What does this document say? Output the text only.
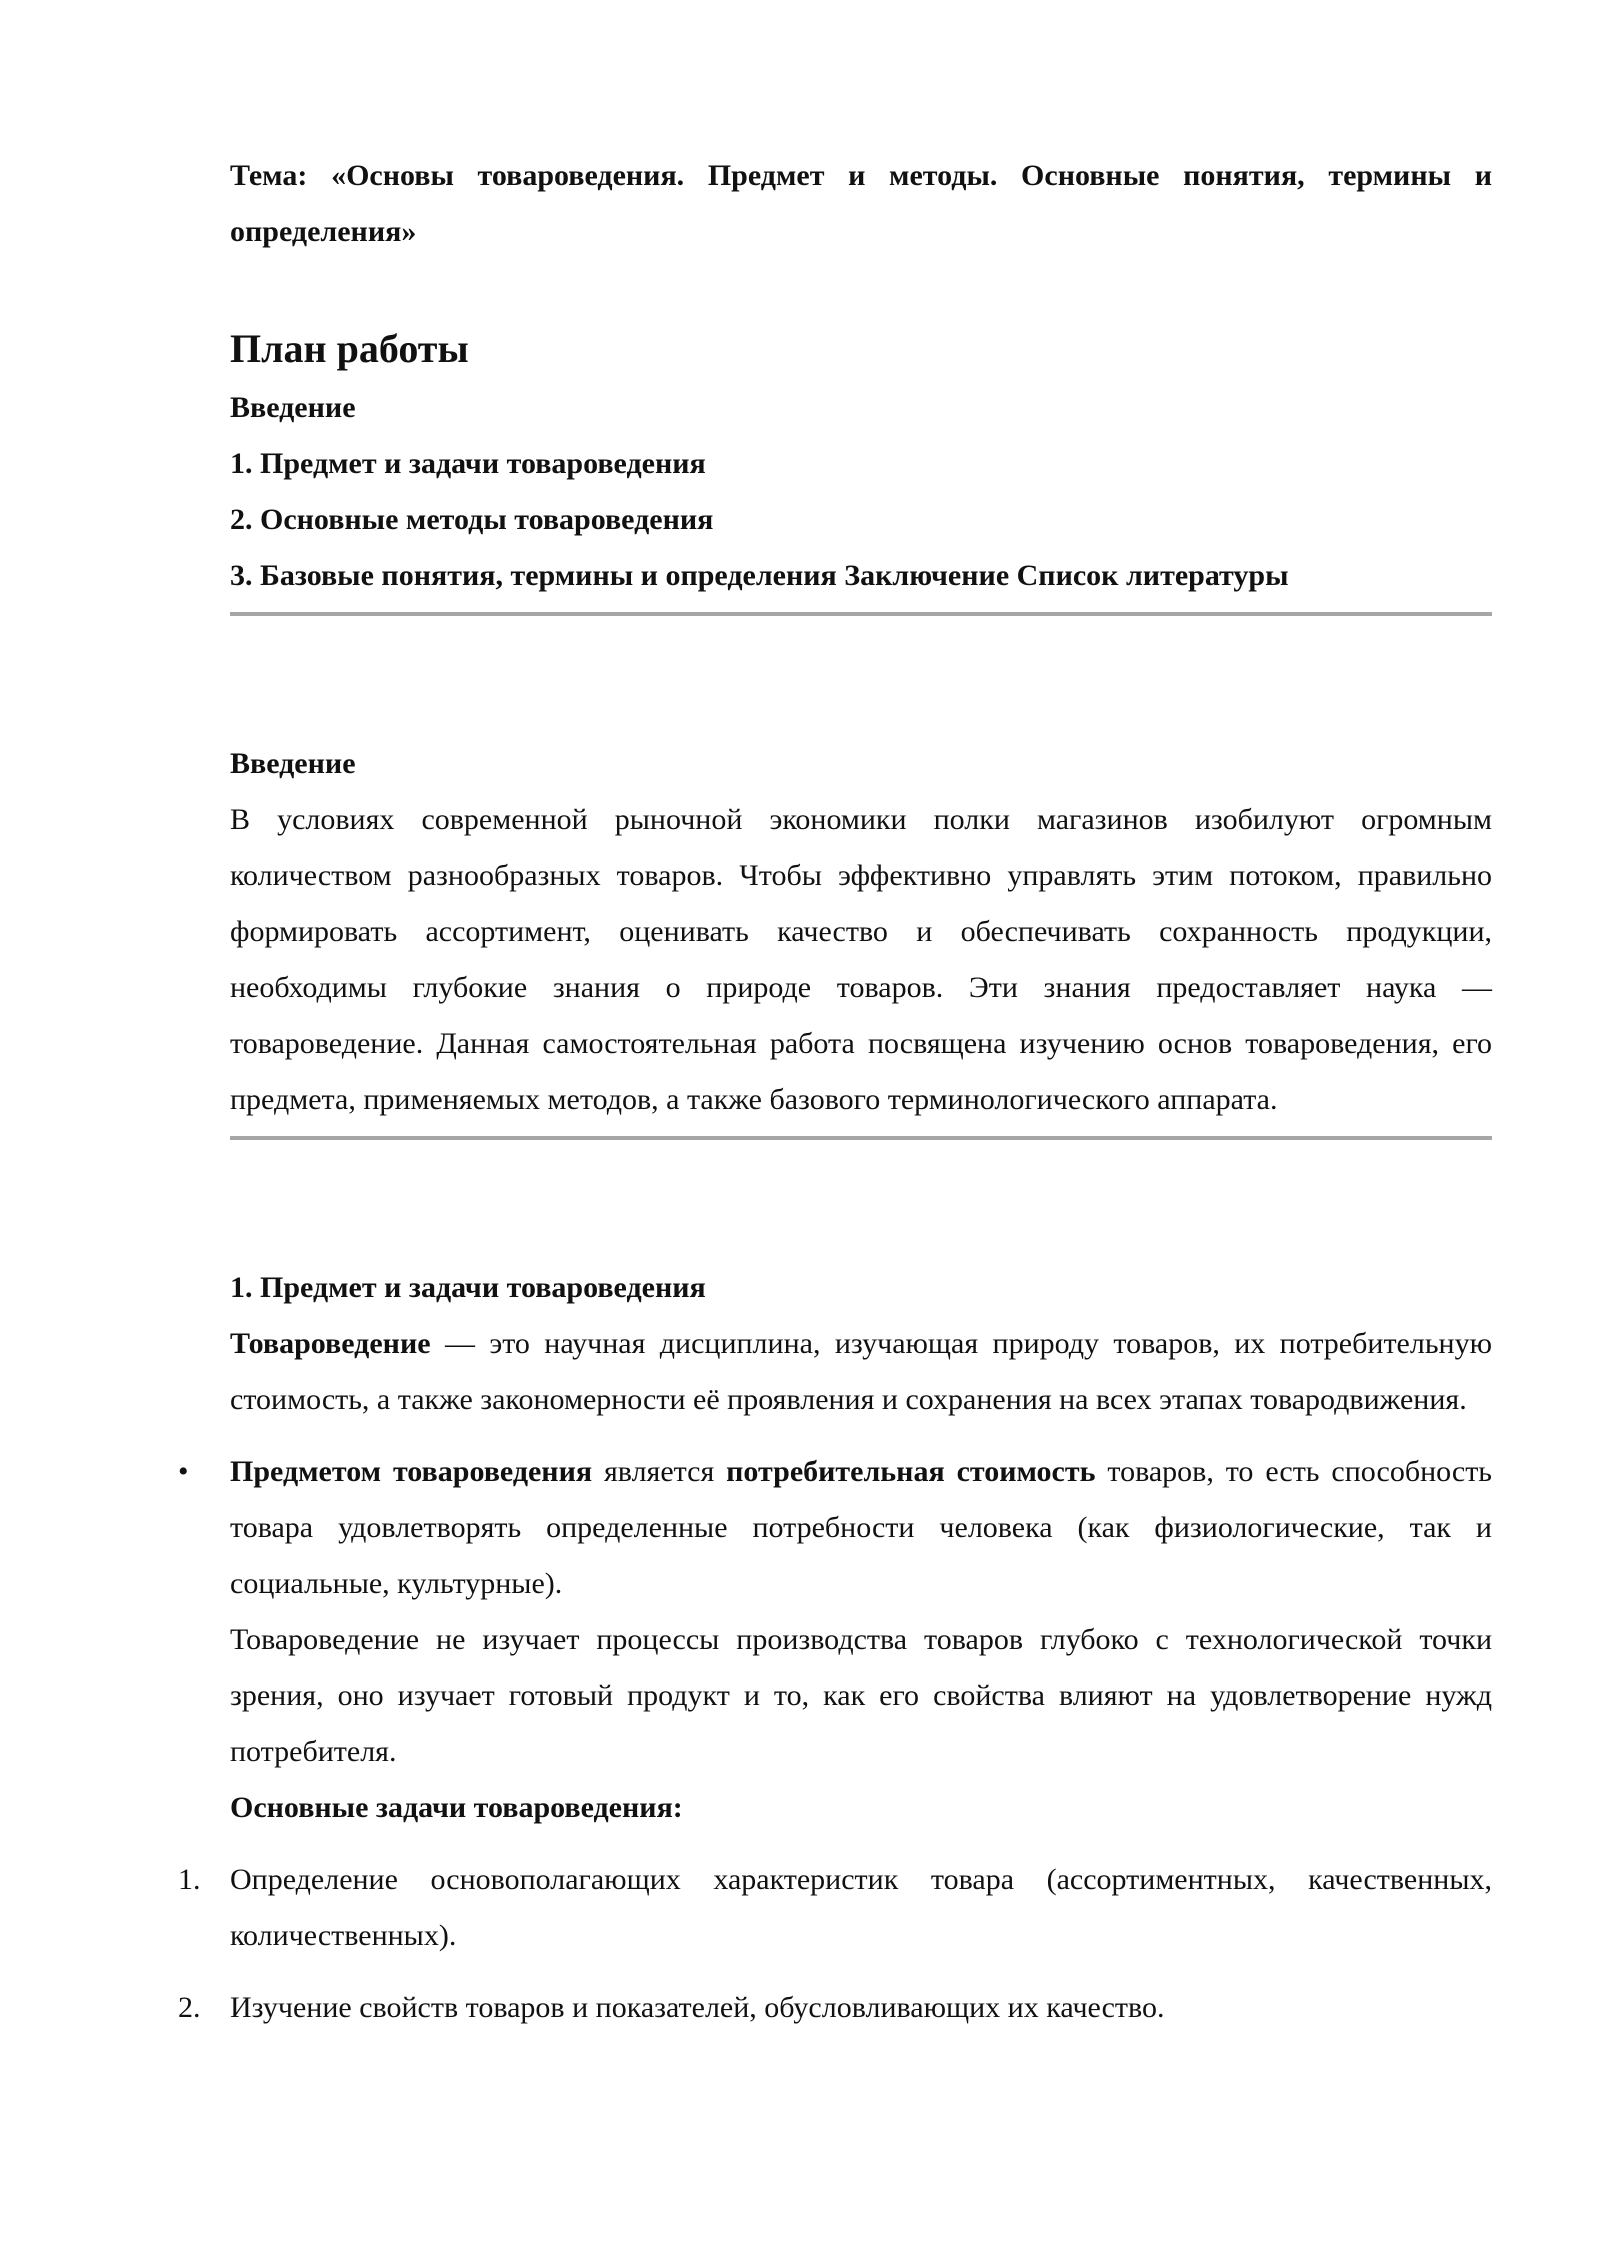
Тема: «Основы товароведения. Предмет и методы. Основные понятия, термины и определения»

План работы
Введение
1. Предмет и задачи товароведения
2. Основные методы товароведения
3. Базовые понятия, термины и определения Заключение Список литературы

Введение

В условиях современной рыночной экономики полки магазинов изобилуют огромным количеством разнообразных товаров. Чтобы эффективно управлять этим потоком, правильно формировать ассортимент, оценивать качество и обеспечивать сохранность продукции, необходимы глубокие знания о природе товаров. Эти знания предоставляет наука — товароведение. Данная самостоятельная работа посвящена изучению основ товароведения, его предмета, применяемых методов, а также базового терминологического аппарата.

1. Предмет и задачи товароведения

Товароведение — это научная дисциплина, изучающая природу товаров, их потребительную стоимость, а также закономерности её проявления и сохранения на всех этапах товародвижения.

• Предметом товароведения является потребительная стоимость товаров, то есть способность товара удовлетворять определенные потребности человека (как физиологические, так и социальные, культурные).
Товароведение не изучает процессы производства товаров глубоко с технологической точки зрения, оно изучает готовый продукт и то, как его свойства влияют на удовлетворение нужд потребителя.
Основные задачи товароведения:
1. Определение основополагающих характеристик товара (ассортиментных, качественных, количественных).
2. Изучение свойств товаров и показателей, обусловливающих их качество.
